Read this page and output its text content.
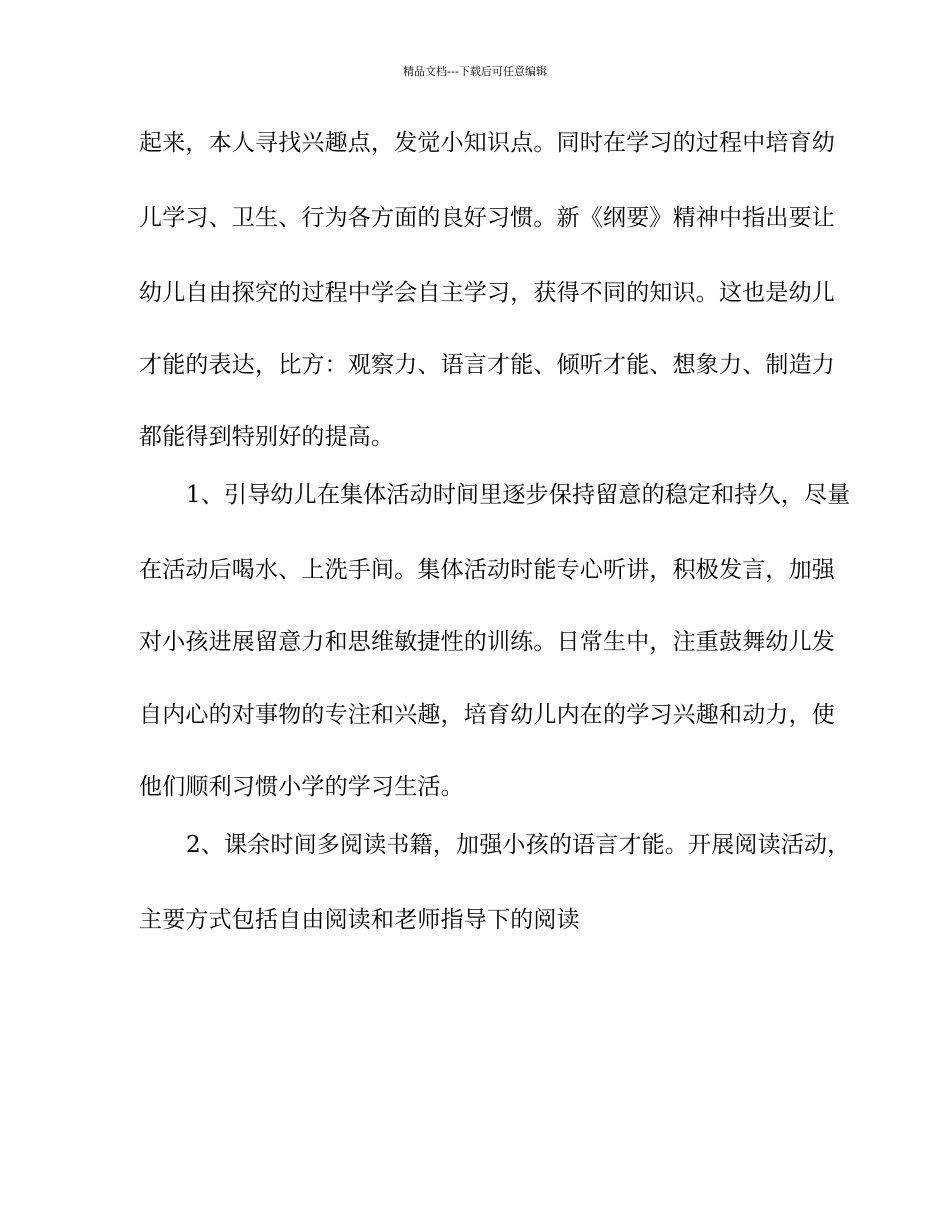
精品文档---下载后可任意编辑
起来，本人寻找兴趣点，发觉小知识点。同时在学习的过程中培育幼
儿学习、卫生、行为各方面的良好习惯。新《纲要》精神中指出要让
幼儿自由探究的过程中学会自主学习，获得不同的知识。这也是幼儿
才能的表达，比方：观察力、语言才能、倾听才能、想象力、制造力
都能得到特别好的提高。
1、引导幼儿在集体活动时间里逐步保持留意的稳定和持久，尽量
在活动后喝水、上洗手间。集体活动时能专心听讲，积极发言，加强
对小孩进展留意力和思维敏捷性的训练。日常生中，注重鼓舞幼儿发
自内心的对事物的专注和兴趣，培育幼儿内在的学习兴趣和动力，使
他们顺利习惯小学的学习生活。
2、课余时间多阅读书籍，加强小孩的语言才能。开展阅读活动，
主要方式包括自由阅读和老师指导下的阅读
